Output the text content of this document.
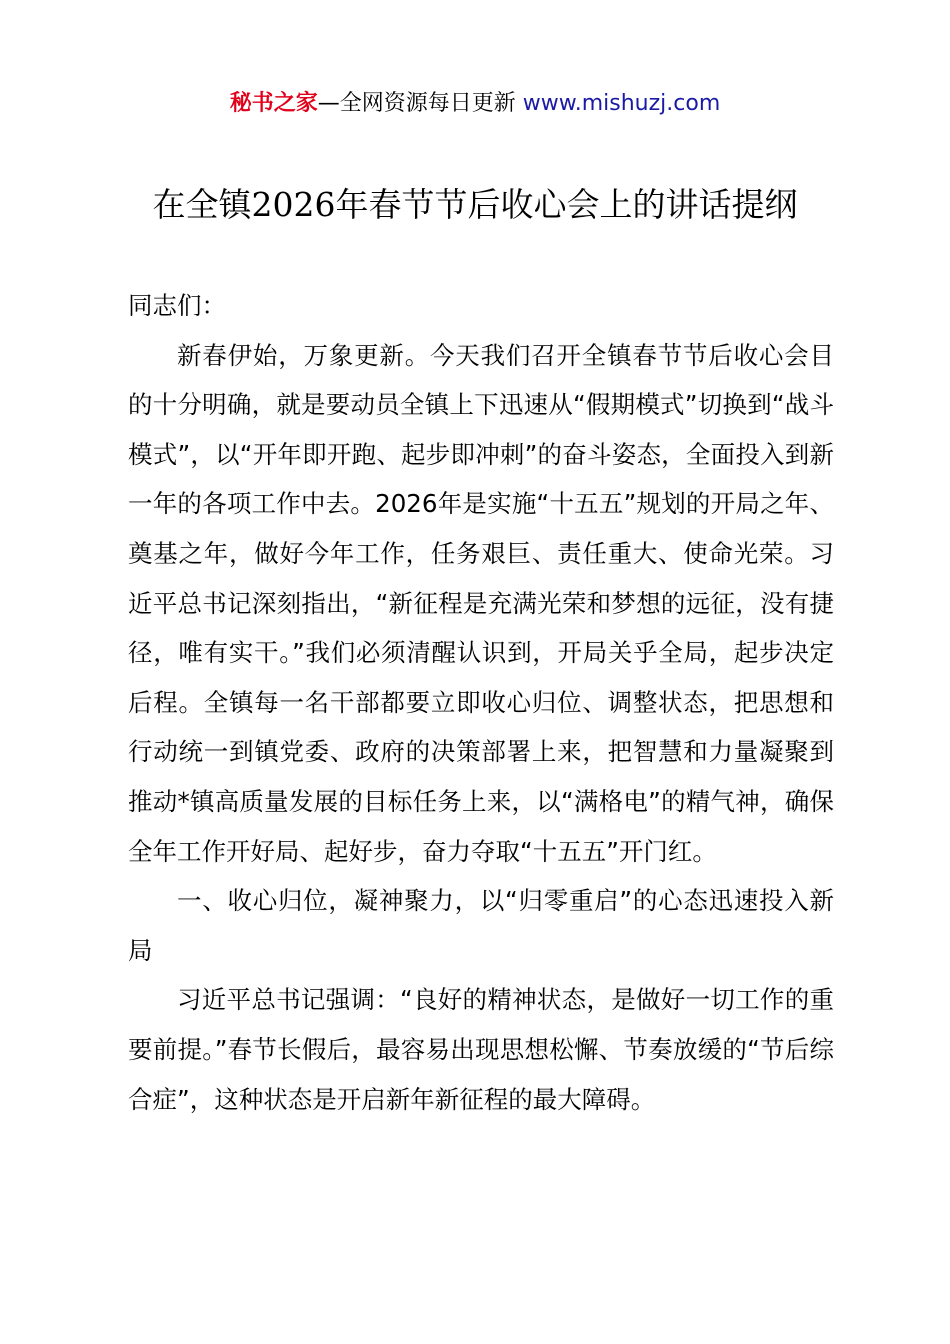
秘书之家—全网资源每日更新 www.mishuzj.com
在全镇2026年春节节后收心会上的讲话提纲

同志们：

新春伊始，万象更新。今天我们召开全镇春节节后收心会目的十分明确，就是要动员全镇上下迅速从“假期模式”切换到“战斗模式”，以“开年即开跑、起步即冲刺”的奋斗姿态，全面投入到新一年的各项工作中去。2026年是实施“十五五”规划的开局之年、奠基之年，做好今年工作，任务艰巨、责任重大、使命光荣。习近平总书记深刻指出，“新征程是充满光荣和梦想的远征，没有捷径，唯有实干。”我们必须清醒认识到，开局关乎全局，起步决定后程。全镇每一名干部都要立即收心归位、调整状态，把思想和行动统一到镇党委、政府的决策部署上来，把智慧和力量凝聚到推动*镇高质量发展的目标任务上来，以“满格电”的精气神，确保全年工作开好局、起好步，奋力夺取“十五五”开门红。

一、收心归位，凝神聚力，以“归零重启”的心态迅速投入新局

习近平总书记强调：“良好的精神状态，是做好一切工作的重要前提。”春节长假后，最容易出现思想松懈、节奏放缓的“节后综合症”，这种状态是开启新年新征程的最大障碍。
